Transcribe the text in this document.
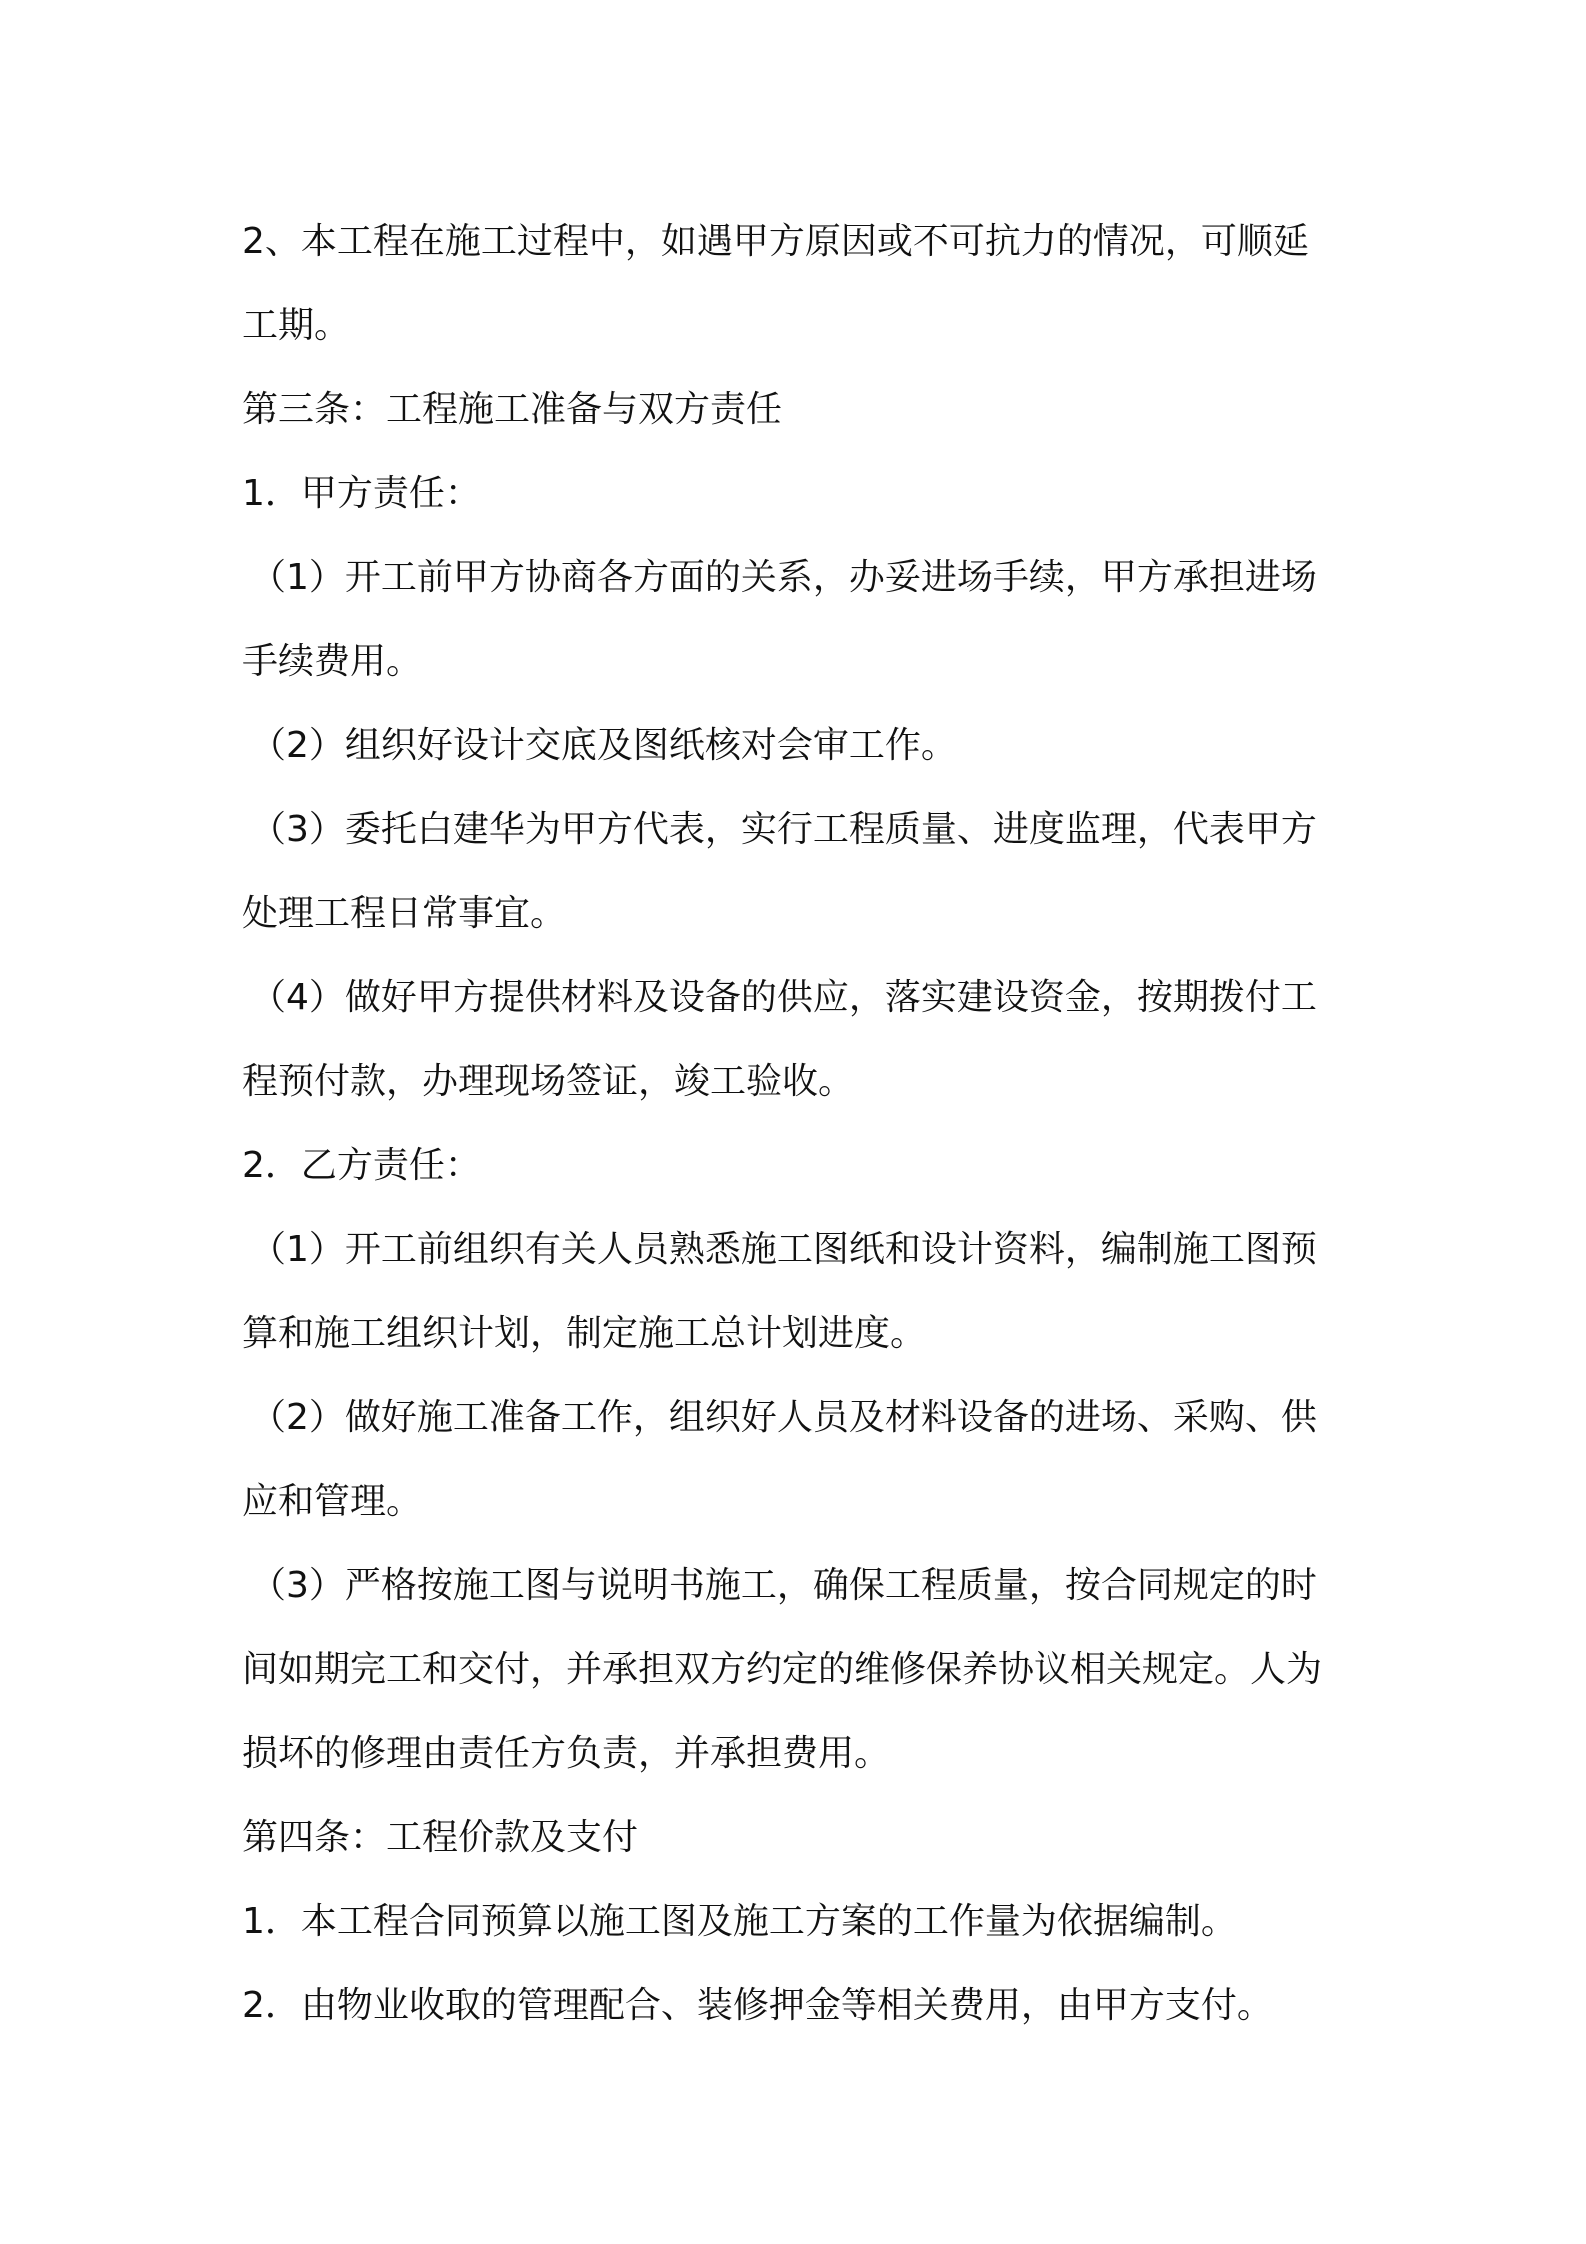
2、本工程在施工过程中，如遇甲方原因或不可抗力的情况，可顺延
工期。
第三条：工程施工准备与双方责任
1．甲方责任：
（1）开工前甲方协商各方面的关系，办妥进场手续，甲方承担进场
手续费用。
（2）组织好设计交底及图纸核对会审工作。
（3）委托白建华为甲方代表，实行工程质量、进度监理，代表甲方
处理工程日常事宜。
（4）做好甲方提供材料及设备的供应，落实建设资金，按期拨付工
程预付款，办理现场签证，竣工验收。
2．乙方责任：
（1）开工前组织有关人员熟悉施工图纸和设计资料，编制施工图预
算和施工组织计划，制定施工总计划进度。
（2）做好施工准备工作，组织好人员及材料设备的进场、采购、供
应和管理。
（3）严格按施工图与说明书施工，确保工程质量，按合同规定的时
间如期完工和交付，并承担双方约定的维修保养协议相关规定。人为
损坏的修理由责任方负责，并承担费用。
第四条：工程价款及支付
1．本工程合同预算以施工图及施工方案的工作量为依据编制。
2．由物业收取的管理配合、装修押金等相关费用，由甲方支付。
